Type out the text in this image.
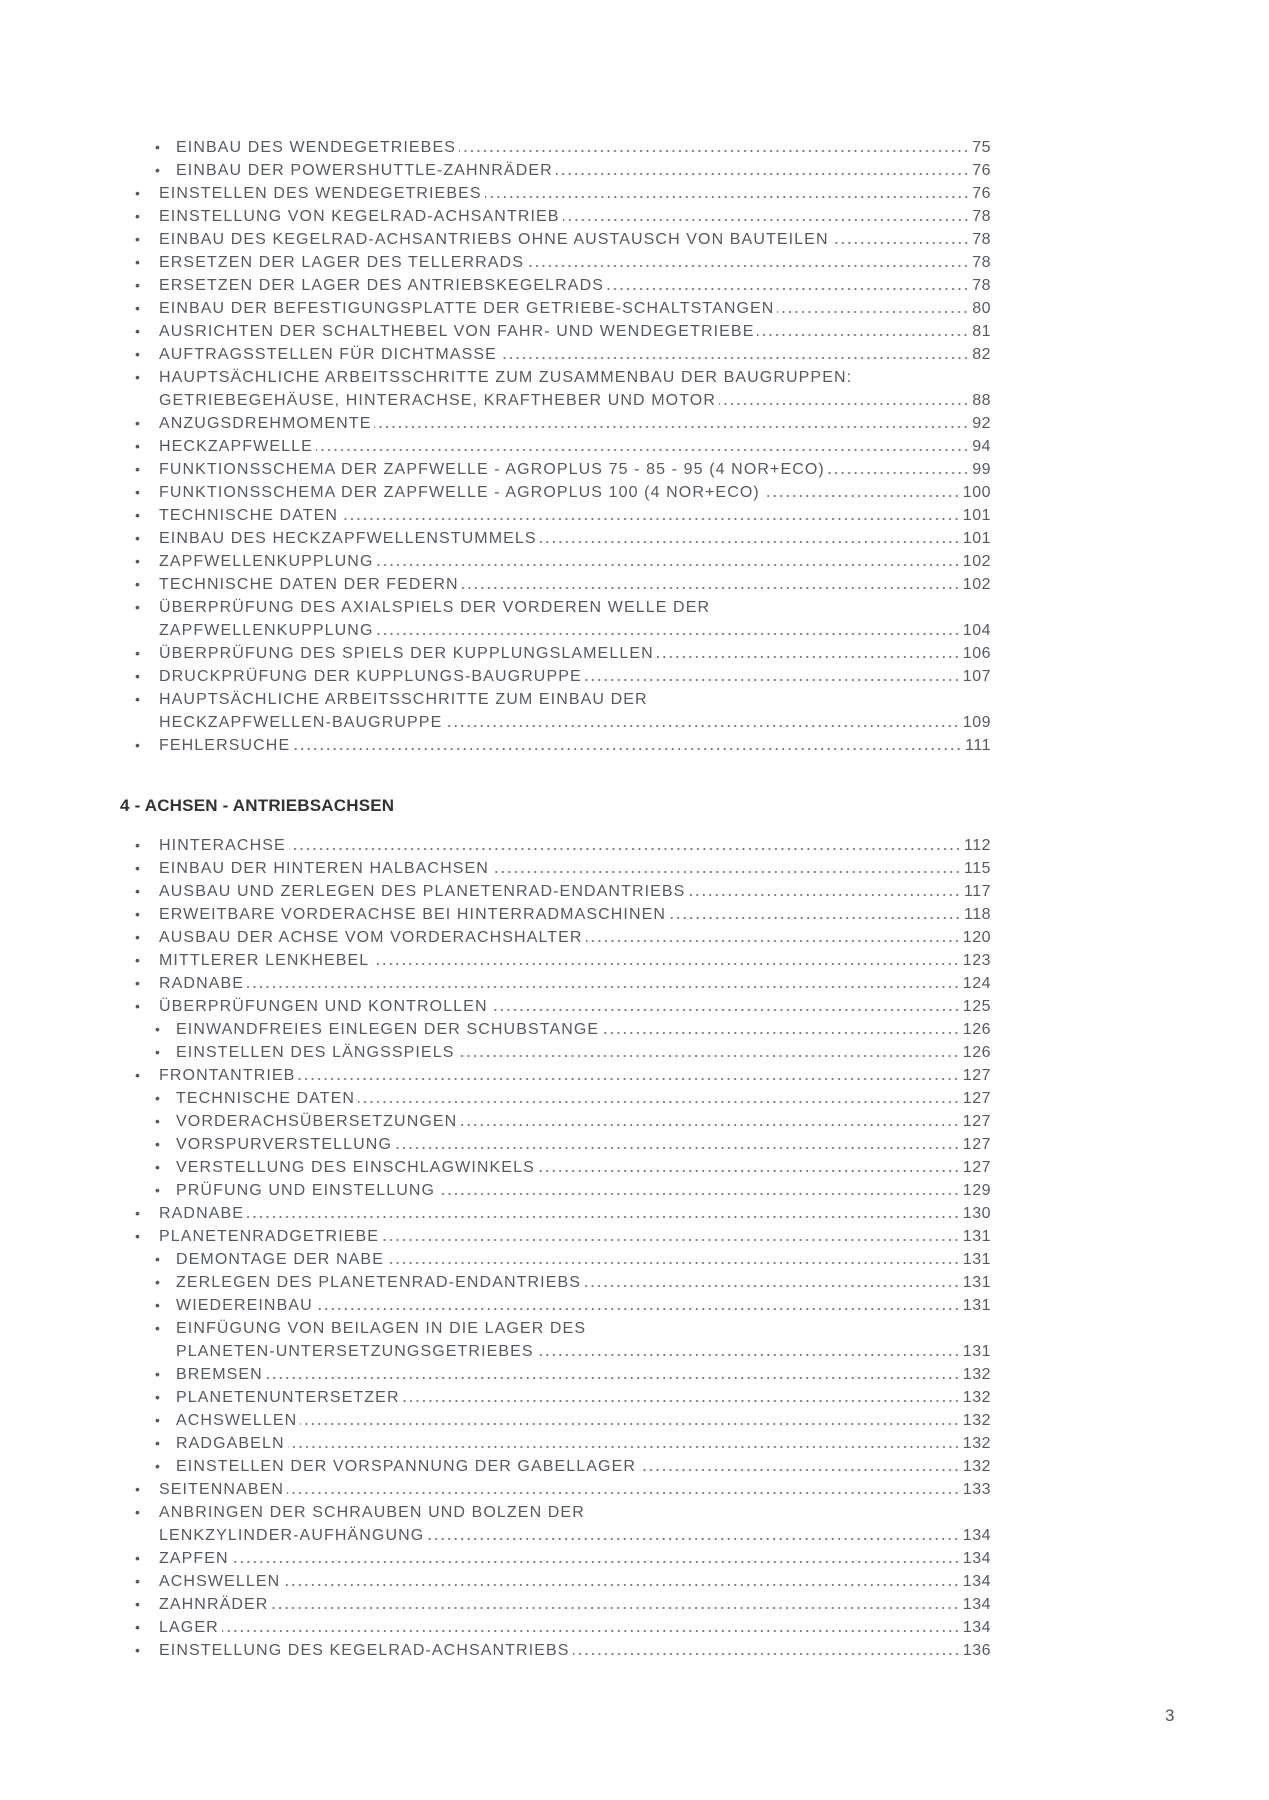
• EINBAU DES WENDEGETRIEBES	75
• EINBAU DER POWERSHUTTLE-ZAHNRÄDER	76
• EINSTELLEN DES WENDEGETRIEBES	76
• EINSTELLUNG VON KEGELRAD-ACHSANTRIEB	78
• EINBAU DES KEGELRAD-ACHSANTRIEBS OHNE AUSTAUSCH VON BAUTEILEN	78
• ERSETZEN DER LAGER DES TELLERRADS	78
• ERSETZEN DER LAGER DES ANTRIEBSKEGELRADS	78
• EINBAU DER BEFESTIGUNGSPLATTE DER GETRIEBE-SCHALTSTANGEN	80
• AUSRICHTEN DER SCHALTHEBEL VON FAHR- UND WENDEGETRIEBE	81
• AUFTRAGSSTELLEN FÜR DICHTMASSE	82
• HAUPTSÄCHLICHE ARBEITSSCHRITTE ZUM ZUSAMMENBAU DER BAUGRUPPEN:
GETRIEBEGEHÄUSE, HINTERACHSE, KRAFTHEBER UND MOTOR	88
• ANZUGSDREHMOMENTE	92
• HECKZAPFWELLE	94
• FUNKTIONSSCHEMA DER ZAPFWELLE - AGROPLUS 75 - 85 - 95 (4 NOR+ECO)	99
• FUNKTIONSSCHEMA DER ZAPFWELLE - AGROPLUS 100 (4 NOR+ECO)	100
• TECHNISCHE DATEN	101
• EINBAU DES HECKZAPFWELLENSTUMMELS	101
• ZAPFWELLENKUPPLUNG	102
• TECHNISCHE DATEN DER FEDERN	102
• ÜBERPRÜFUNG DES AXIALSPIELS DER VORDEREN WELLE DER
ZAPFWELLENKUPPLUNG	104
• ÜBERPRÜFUNG DES SPIELS DER KUPPLUNGSLAMELLEN	106
• DRUCKPRÜFUNG DER KUPPLUNGS-BAUGRUPPE	107
• HAUPTSÄCHLICHE ARBEITSSCHRITTE ZUM EINBAU DER
HECKZAPFWELLEN-BAUGRUPPE	109
• FEHLERSUCHE	111
4 - ACHSEN - ANTRIEBSACHSEN
• HINTERACHSE	112
• EINBAU DER HINTEREN HALBACHSEN	115
• AUSBAU UND ZERLEGEN DES PLANETENRAD-ENDANTRIEBS	117
• ERWEITBARE VORDERACHSE BEI HINTERRADMASCHINEN	118
• AUSBAU DER ACHSE VOM VORDERACHSHALTER	120
• MITTLERER LENKHEBEL	123
• RADNABE	124
• ÜBERPRÜFUNGEN UND KONTROLLEN	125
• EINWANDFREIES EINLEGEN DER SCHUBSTANGE	126
• EINSTELLEN DES LÄNGSSPIELS	126
• FRONTANTRIEB	127
• TECHNISCHE DATEN	127
• VORDERACHSÜBERSETZUNGEN	127
• VORSPURVERSTELLUNG	127
• VERSTELLUNG DES EINSCHLAGWINKELS	127
• PRÜFUNG UND EINSTELLUNG	129
• RADNABE	130
• PLANETENRADGETRIEBE	131
• DEMONTAGE DER NABE	131
• ZERLEGEN DES PLANETENRAD-ENDANTRIEBS	131
• WIEDEREINBAU	131
• EINFÜGUNG VON BEILAGEN IN DIE LAGER DES
PLANETEN-UNTERSETZUNGSGETRIEBES	131
• BREMSEN	132
• PLANETENUNTERSETZER	132
• ACHSWELLEN	132
• RADGABELN	132
• EINSTELLEN DER VORSPANNUNG DER GABELLAGER	132
• SEITENNABEN	133
• ANBRINGEN DER SCHRAUBEN UND BOLZEN DER
LENKZYLINDER-AUFHÄNGUNG	134
• ZAPFEN	134
• ACHSWELLEN	134
• ZAHNRÄDER	134
• LAGER	134
• EINSTELLUNG DES KEGELRAD-ACHSANTRIEBS	136
3
